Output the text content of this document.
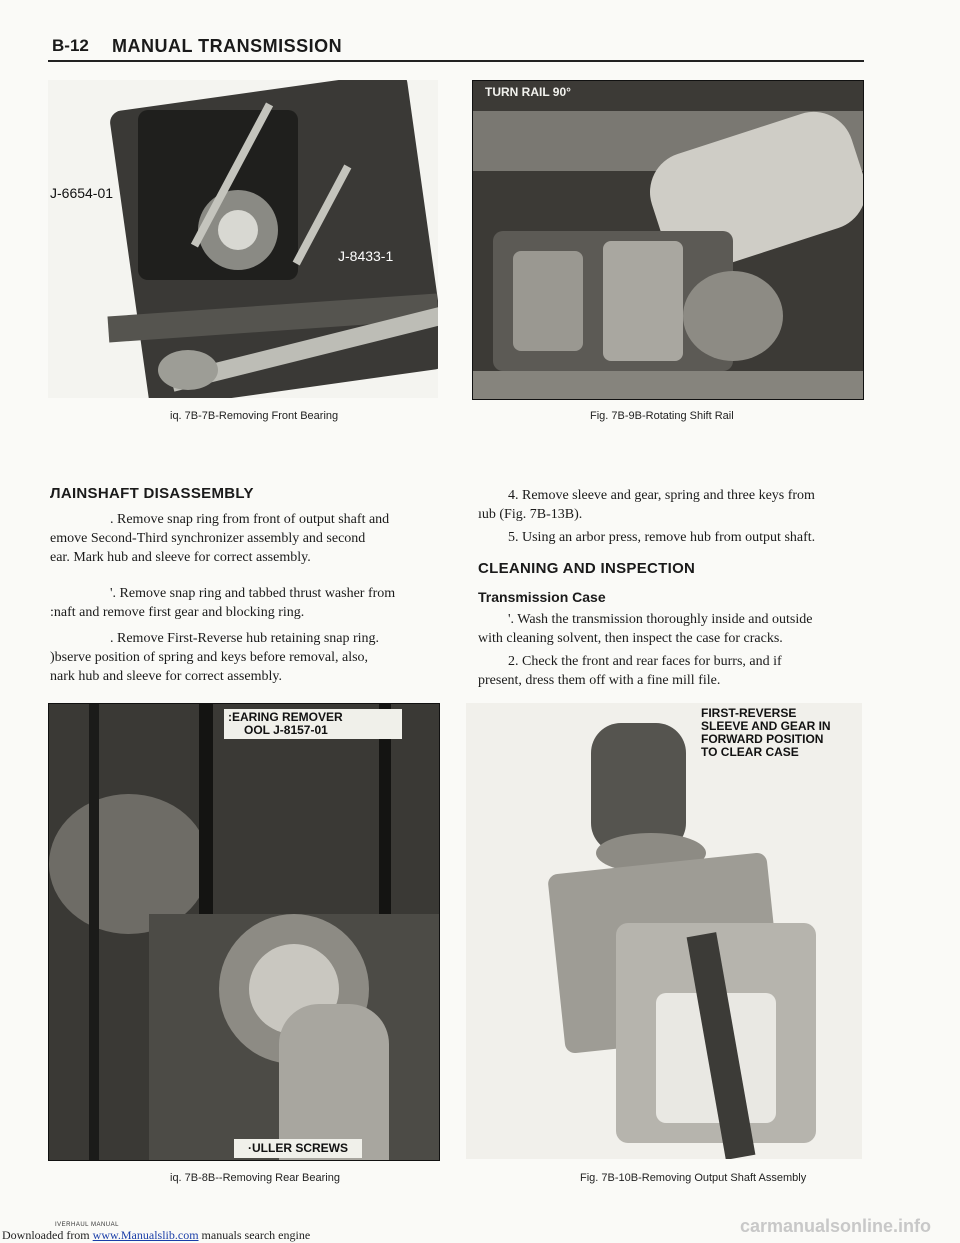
B-12 MANUAL TRANSMISSION
J-6654-01
J-8433-1
iq. 7B-7B-Removing Front Bearing
TURN RAIL 90°
Fig. 7B-9B-Rotating Shift Rail
ЛAINSHAFT DISASSEMBLY
. Remove snap ring from front of output shaft and
emove Second-Third synchronizer assembly and second
ear. Mark hub and sleeve for correct assembly.
'. Remove snap ring and tabbed thrust washer from
:naft and remove first gear and blocking ring.
. Remove First-Reverse hub retaining snap ring.
)bserve position of spring and keys before removal, also,
nark hub and sleeve for correct assembly.
4. Remove sleeve and gear, spring and three keys from
ıub (Fig. 7B-13B).
5. Using an arbor press, remove hub from output shaft.
CLEANING AND INSPECTION
Transmission Case
'. Wash the transmission thoroughly inside and outside
with cleaning solvent, then inspect the case for cracks.
2. Check the front and rear faces for burrs, and if
present, dress them off with a fine mill file.
:EARING REMOVER
OOL J-8157-01
·ULLER SCREWS
iq. 7B-8B--Removing Rear Bearing
FIRST-REVERSE
SLEEVE AND GEAR IN
FORWARD POSITION
TO CLEAR CASE
Fig. 7B-10B-Removing Output Shaft Assembly
IVERHAUL MANUAL
Downloaded from www.Manualslib.com manuals search engine	carmanualsonline.info
